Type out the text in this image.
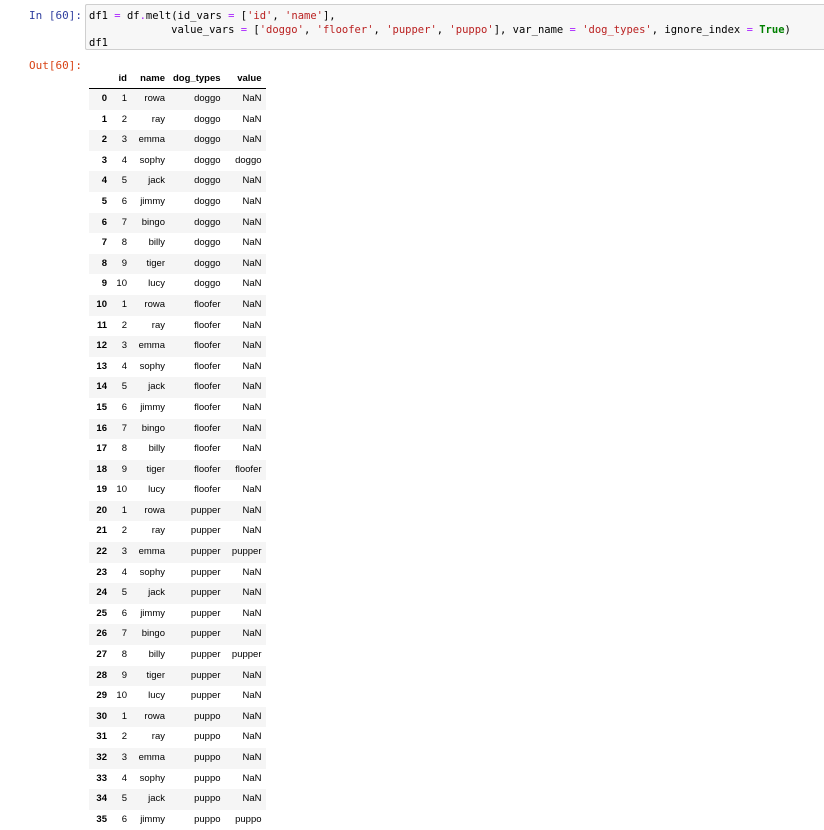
In [60]: df1 = df.melt(id_vars = ['id', 'name'],
value_vars = ['doggo', 'floofer', 'pupper', 'puppo'], var_name = 'dog_types', ignore_index = True)
df1
Out[60]:
	id	name	dog_types	value
0	1	rowa	doggo	NaN
1	2	ray	doggo	NaN
2	3	emma	doggo	NaN
3	4	sophy	doggo	doggo
4	5	jack	doggo	NaN
5	6	jimmy	doggo	NaN
6	7	bingo	doggo	NaN
7	8	billy	doggo	NaN
8	9	tiger	doggo	NaN
9	10	lucy	doggo	NaN
10	1	rowa	floofer	NaN
11	2	ray	floofer	NaN
12	3	emma	floofer	NaN
13	4	sophy	floofer	NaN
14	5	jack	floofer	NaN
15	6	jimmy	floofer	NaN
16	7	bingo	floofer	NaN
17	8	billy	floofer	NaN
18	9	tiger	floofer	floofer
19	10	lucy	floofer	NaN
20	1	rowa	pupper	NaN
21	2	ray	pupper	NaN
22	3	emma	pupper	pupper
23	4	sophy	pupper	NaN
24	5	jack	pupper	NaN
25	6	jimmy	pupper	NaN
26	7	bingo	pupper	NaN
27	8	billy	pupper	pupper
28	9	tiger	pupper	NaN
29	10	lucy	pupper	NaN
30	1	rowa	puppo	NaN
31	2	ray	puppo	NaN
32	3	emma	puppo	NaN
33	4	sophy	puppo	NaN
34	5	jack	puppo	NaN
35	6	jimmy	puppo	puppo
